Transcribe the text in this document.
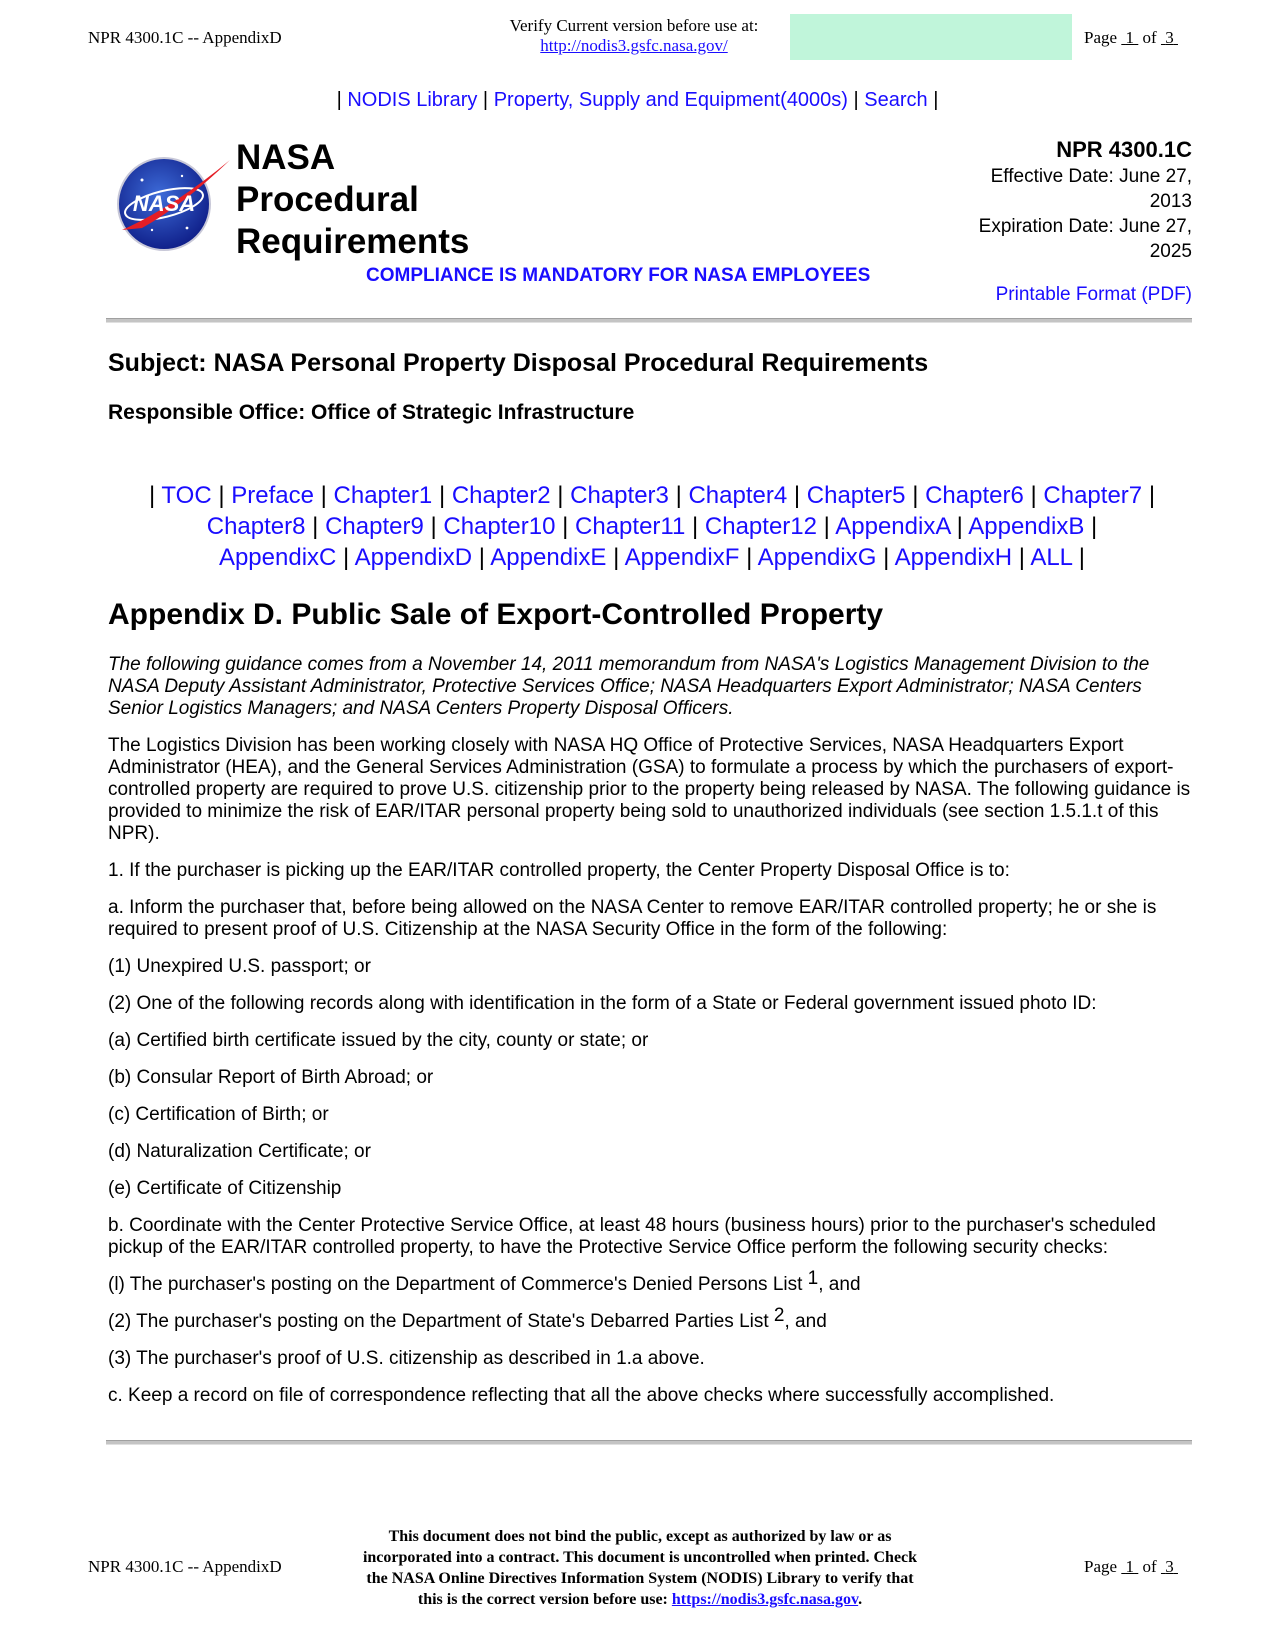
NPR 4300.1C -- AppendixD
Verify Current version before use at:
http://nodis3.gsfc.nasa.gov/	Page 1 of 3
| NODIS Library | Property, Supply and Equipment(4000s) | Search |
NASA
NASA
Procedural
Requirements
COMPLIANCE IS MANDATORY FOR NASA EMPLOYEES
NPR 4300.1C
Effective Date: June 27,
2013
Expiration Date: June 27,
2025
Printable Format (PDF)
Subject: NASA Personal Property Disposal Procedural Requirements
Responsible Office: Office of Strategic Infrastructure
| TOC | Preface | Chapter1 | Chapter2 | Chapter3 | Chapter4 | Chapter5 | Chapter6 | Chapter7 |
Chapter8 | Chapter9 | Chapter10 | Chapter11 | Chapter12 | AppendixA | AppendixB |
AppendixC | AppendixD | AppendixE | AppendixF | AppendixG | AppendixH | ALL |
Appendix D. Public Sale of Export-Controlled Property

The following guidance comes from a November 14, 2011 memorandum from NASA's Logistics Management Division to the NASA Deputy Assistant Administrator, Protective Services Office; NASA Headquarters Export Administrator; NASA Centers Senior Logistics Managers; and NASA Centers Property Disposal Officers.

The Logistics Division has been working closely with NASA HQ Office of Protective Services, NASA Headquarters Export Administrator (HEA), and the General Services Administration (GSA) to formulate a process by which the purchasers of export-controlled property are required to prove U.S. citizenship prior to the property being released by NASA. The following guidance is provided to minimize the risk of EAR/ITAR personal property being sold to unauthorized individuals (see section 1.5.1.t of this NPR).

1. If the purchaser is picking up the EAR/ITAR controlled property, the Center Property Disposal Office is to:

a. Inform the purchaser that, before being allowed on the NASA Center to remove EAR/ITAR controlled property; he or she is required to present proof of U.S. Citizenship at the NASA Security Office in the form of the following:

(1) Unexpired U.S. passport; or

(2) One of the following records along with identification in the form of a State or Federal government issued photo ID:

(a) Certified birth certificate issued by the city, county or state; or

(b) Consular Report of Birth Abroad; or

(c) Certification of Birth; or

(d) Naturalization Certificate; or

(e) Certificate of Citizenship

b. Coordinate with the Center Protective Service Office, at least 48 hours (business hours) prior to the purchaser's scheduled pickup of the EAR/ITAR controlled property, to have the Protective Service Office perform the following security checks:

(l) The purchaser's posting on the Department of Commerce's Denied Persons List $^1$, and

(2) The purchaser's posting on the Department of State's Debarred Parties List $^2$, and

(3) The purchaser's proof of U.S. citizenship as described in 1.a above.

c. Keep a record on file of correspondence reflecting that all the above checks where successfully accomplished.

NPR 4300.1C -- AppendixD
This document does not bind the public, except as authorized by law or as
incorporated into a contract. This document is uncontrolled when printed. Check
the NASA Online Directives Information System (NODIS) Library to verify that
this is the correct version before use: https://nodis3.gsfc.nasa.gov.
Page 1 of 3
